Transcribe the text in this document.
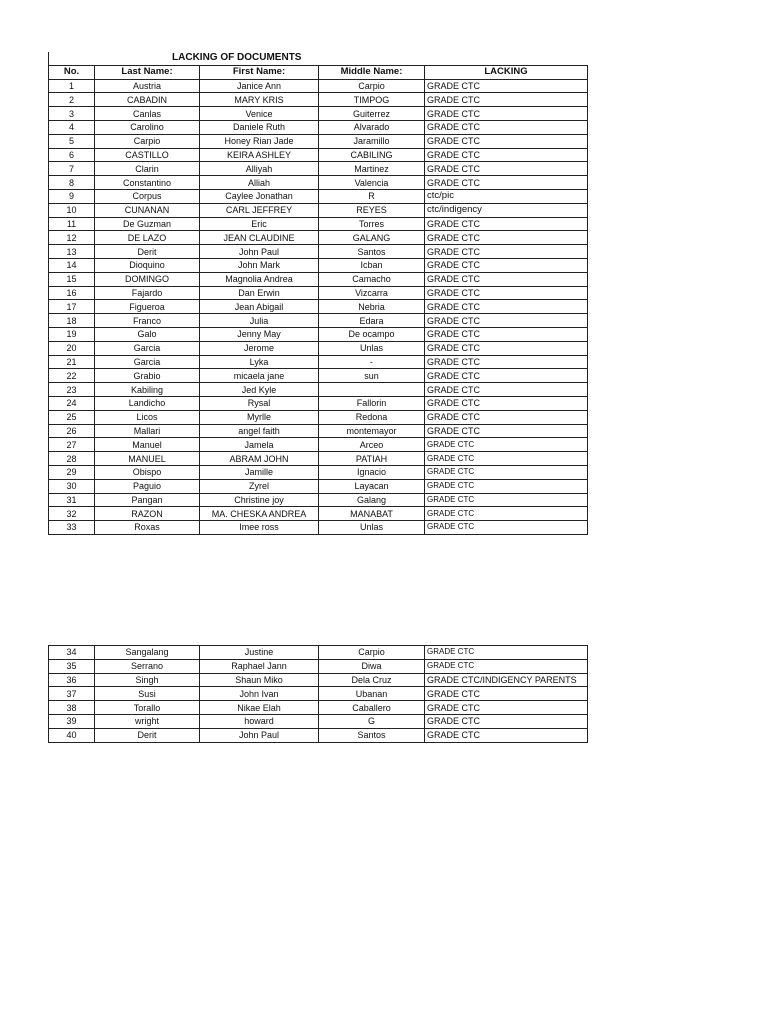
LACKING OF DOCUMENTS				
No.	Last Name:	First Name:	Middle Name:	LACKING
1	Austria	Janice Ann	Carpio	GRADE CTC
2	CABADIN	MARY KRIS	TIMPOG	GRADE CTC
3	Canlas	Venice	Guiterrez	GRADE CTC
4	Carolino	Daniele Ruth	Alvarado	GRADE CTC
5	Carpio	Honey Rian Jade	Jaramillo	GRADE CTC
6	CASTILLO	KEIRA ASHLEY	CABILING	GRADE CTC
7	Clarin	Alliyah	Martinez	GRADE CTC
8	Constantino	Alliah	Valencia	GRADE CTC
9	Corpus	Caylee Jonathan	R	ctc/pic
10	CUNANAN	CARL JEFFREY	REYES	ctc/indigency
11	De Guzman	Eric	Torres	GRADE CTC
12	DE LAZO	JEAN CLAUDINE	GALANG	GRADE CTC
13	Derit	John Paul	Santos	GRADE CTC
14	Dioquino	John Mark	Icban	GRADE CTC
15	DOMINGO	Magnolia Andrea	Camacho	GRADE CTC
16	Fajardo	Dan Erwin	Vizcarra	GRADE CTC
17	Figueroa	Jean Abigail	Nebria	GRADE CTC
18	Franco	Julia	Edara	GRADE CTC
19	Galo	Jenny May	De ocampo	GRADE CTC
20	Garcia	Jerome	Unlas	GRADE CTC
21	Garcia	Lyka	-	GRADE CTC
22	Grabio	micaela jane	sun	GRADE CTC
23	Kabiling	Jed Kyle		GRADE CTC
24	Landicho	Rysal	Fallorin	GRADE CTC
25	Licos	Myrlle	Redona	GRADE CTC
26	Mallari	angel faith	montemayor	GRADE CTC
27	Manuel	Jamela	Arceo	GRADE CTC
28	MANUEL	ABRAM JOHN	PATIAH	GRADE CTC
29	Obispo	Jamille	Ignacio	GRADE CTC
30	Paguio	Zyrel	Layacan	GRADE CTC
31	Pangan	Christine joy	Galang	GRADE CTC
32	RAZON	MA. CHESKA ANDREA	MANABAT	GRADE CTC
33	Roxas	Imee ross	Unlas	GRADE CTC
34	Sangalang	Justine	Carpio	GRADE CTC
35	Serrano	Raphael Jann	Diwa	GRADE CTC
36	Singh	Shaun Miko	Dela Cruz	GRADE CTC/INDIGENCY PARENTS
37	Susi	John Ivan	Ubanan	GRADE CTC
38	Torallo	Nikae Elah	Caballero	GRADE CTC
39	wright	howard	G	GRADE CTC
40	Derit	John Paul	Santos	GRADE CTC
